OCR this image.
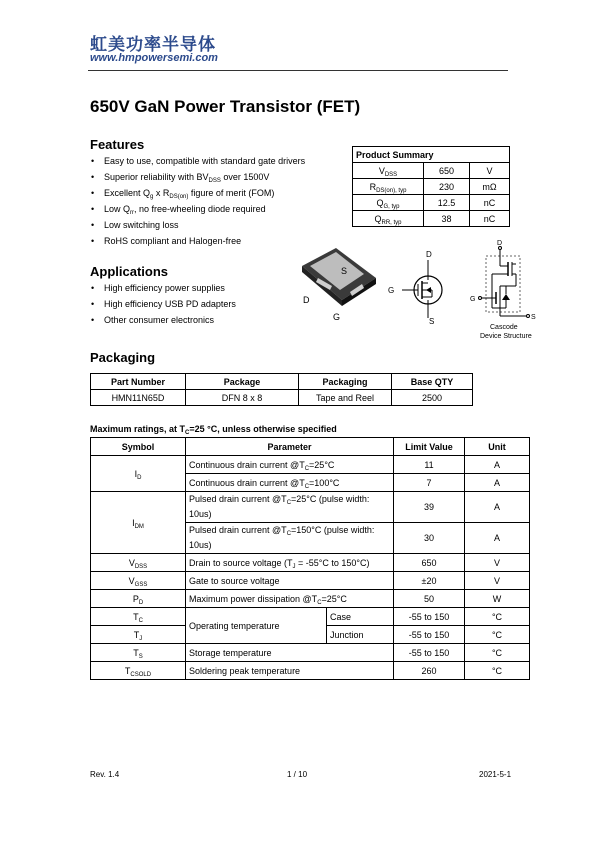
虹美功率半导体
www.hmpowersemi.com
650V GaN Power Transistor (FET)
Features
• Easy to use, compatible with standard gate drivers
• Superior reliability with $BV_{DSS}$ over 1500V
• Excellent $Q_g$ x $R_{DS(on)}$ figure of merit (FOM)
• Low $Q_{rr}$, no free-wheeling diode required
• Low switching loss
• RoHS compliant and Halogen-free
Product Summary		
$V_{DSS}$	650	V
$R_{DS(on), typ}$	230	mΩ
$Q_{G, typ}$	12.5	nC
$Q_{RR, typ}$	38	nC
Applications
• High efficiency power supplies
• High efficiency USB PD adapters
• Other consumer electronics
S
D
G
D
G
S
D
G
S
Cascode
Device Structure
Packaging
Part Number	Package	Packaging	Base QTY
HMN11N65D	DFN 8 x 8	Tape and Reel	2500
Maximum ratings, at $T_C=25$ °C, unless otherwise specified
Symbol	Parameter		Limit Value	Unit
$I_D$	Continuous drain current $@T_C=25^\circ C$		11	A
	Continuous drain current $@T_C=100^\circ C$		7	A
$I_{DM}$	Pulsed drain current $@T_C=25^\circ C$ (pulse width: 10us)		39	A
	Pulsed drain current $@T_C=150^\circ C$ (pulse width: 10us)		30	A
$V_{DSS}$	Drain to source voltage ($T_J = -55^\circ C$ to 150°C)		650	V
$V_{GSS}$	Gate to source voltage		±20	V
$P_D$	Maximum power dissipation $@T_C=25^\circ C$		50	W
$T_C$	Operating temperature	Case	-55 to 150	°C
$T_J$		Junction	-55 to 150	°C
$T_S$	Storage temperature		-55 to 150	°C
$T_{CSOLD}$	Soldering peak temperature		260	°C
Rev. 1.4	1 / 10	2021-5-1
